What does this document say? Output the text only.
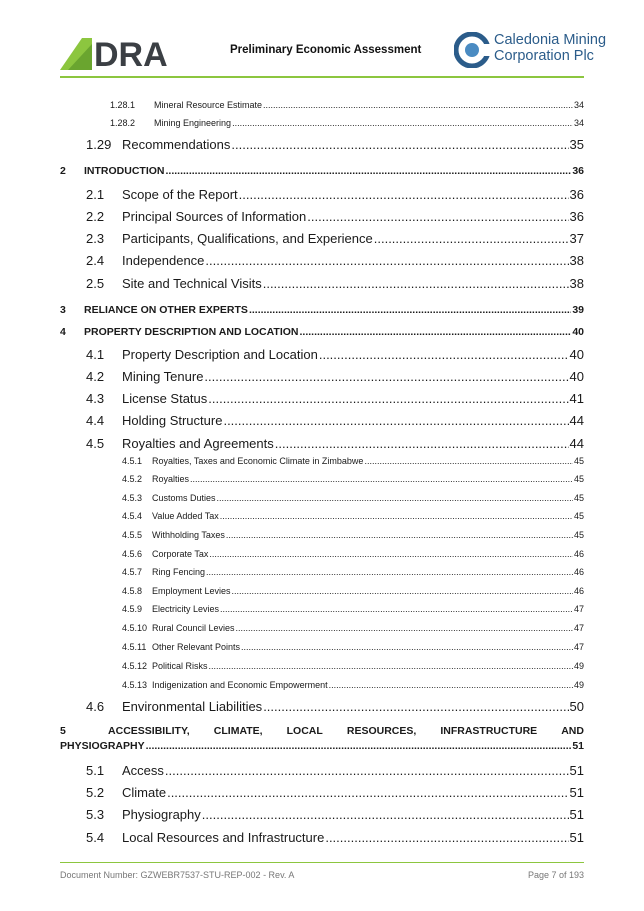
DRA	Preliminary Economic Assessment
Caledonia Mining
Corporation Plc
1.28.1	Mineral Resource Estimate .....	34
1.28.2	Mining Engineering .....	34
1.29 Recommendations .....	35
2	INTRODUCTION .....	36
2.1	Scope of the Report .....	36
2.2	Principal Sources of Information .....	36
2.3	Participants, Qualifications, and Experience .....	37
2.4	Independence .....	38
2.5	Site and Technical Visits .....	38
3	RELIANCE ON OTHER EXPERTS .....	39
4	PROPERTY DESCRIPTION AND LOCATION .....	40
4.1	Property Description and Location .....	40
4.2	Mining Tenure .....	40
4.3	License Status .....	41
4.4	Holding Structure .....	44
4.5	Royalties and Agreements .....	44
4.5.1	Royalties, Taxes and Economic Climate in Zimbabwe .....	45
4.5.2	Royalties .....	45
4.5.3	Customs Duties .....	45
4.5.4	Value Added Tax .....	45
4.5.5	Withholding Taxes .....	45
4.5.6	Corporate Tax .....	46
4.5.7	Ring Fencing .....	46
4.5.8	Employment Levies .....	46
4.5.9	Electricity Levies .....	47
4.5.10 Rural Council Levies .....	47
4.5.11 Other Relevant Points .....	47
4.5.12 Political Risks .....	49
4.5.13 Indigenization and Economic Empowerment .....	49
4.6	Environmental Liabilities .....	50
5	ACCESSIBILITY, CLIMATE, LOCAL RESOURCES, INFRASTRUCTURE AND
PHYSIOGRAPHY .....	51
5.1	Access .....	51
5.2	Climate .....	51
5.3	Physiography .....	51
5.4	Local Resources and Infrastructure .....	51
Document Number: GZWEBR7537-STU-REP-002 - Rev. A	Page 7 of 193
